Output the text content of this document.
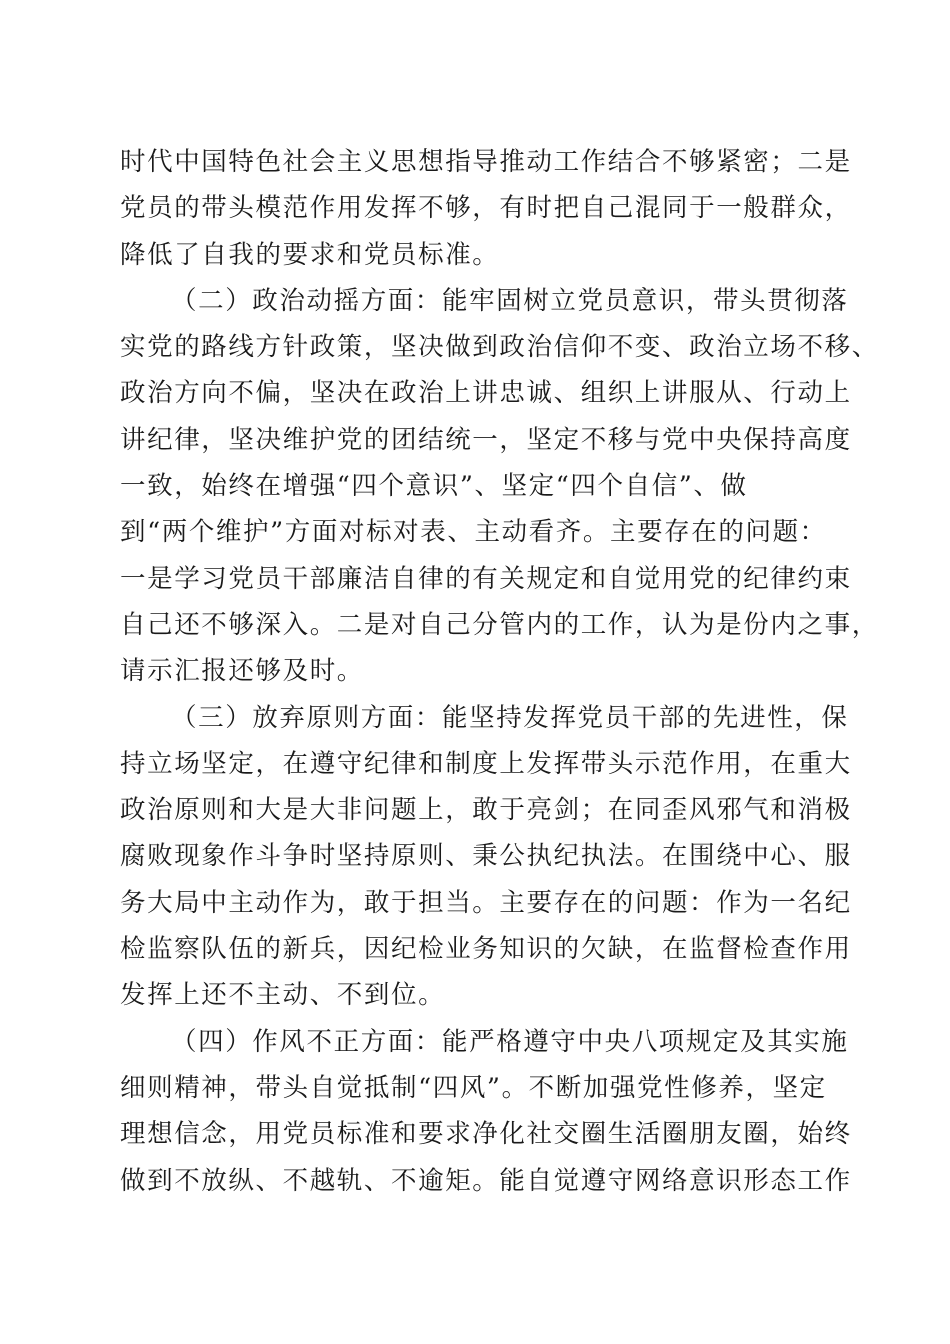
时代中国特色社会主义思想指导推动工作结合不够紧密；二是
党员的带头模范作用发挥不够，有时把自己混同于一般群众，
降低了自我的要求和党员标准。
（二）政治动摇方面：能牢固树立党员意识，带头贯彻落
实党的路线方针政策，坚决做到政治信仰不变、政治立场不移、
政治方向不偏，坚决在政治上讲忠诚、组织上讲服从、行动上
讲纪律，坚决维护党的团结统一，坚定不移与党中央保持高度
一致，始终在增强“四个意识”、坚定“四个自信”、做
到“两个维护”方面对标对表、主动看齐。主要存在的问题：
一是学习党员干部廉洁自律的有关规定和自觉用党的纪律约束
自己还不够深入。二是对自己分管内的工作，认为是份内之事，
请示汇报还够及时。
（三）放弃原则方面：能坚持发挥党员干部的先进性，保
持立场坚定，在遵守纪律和制度上发挥带头示范作用，在重大
政治原则和大是大非问题上，敢于亮剑；在同歪风邪气和消极
腐败现象作斗争时坚持原则、秉公执纪执法。在围绕中心、服
务大局中主动作为，敢于担当。主要存在的问题：作为一名纪
检监察队伍的新兵，因纪检业务知识的欠缺，在监督检查作用
发挥上还不主动、不到位。
（四）作风不正方面：能严格遵守中央八项规定及其实施
细则精神，带头自觉抵制“四风”。不断加强党性修养，坚定
理想信念，用党员标准和要求净化社交圈生活圈朋友圈，始终
做到不放纵、不越轨、不逾矩。能自觉遵守网络意识形态工作
